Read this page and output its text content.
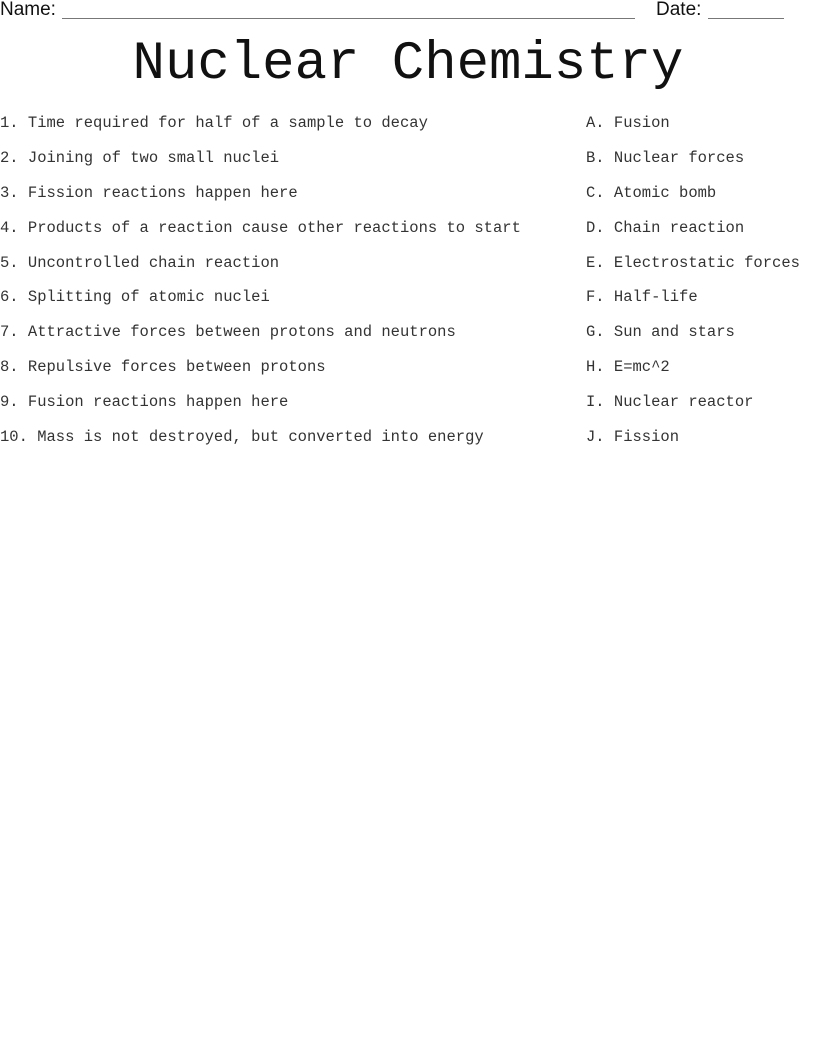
Name:	Date:
Nuclear Chemistry
1. Time required for half of a sample to decay
2. Joining of two small nuclei
3. Fission reactions happen here
4. Products of a reaction cause other reactions to start
5. Uncontrolled chain reaction
6. Splitting of atomic nuclei
7. Attractive forces between protons and neutrons
8. Repulsive forces between protons
9. Fusion reactions happen here
10. Mass is not destroyed, but converted into energy
A. Fusion
B. Nuclear forces
C. Atomic bomb
D. Chain reaction
E. Electrostatic forces
F. Half-life
G. Sun and stars
H. E=mc^2
I. Nuclear reactor
J. Fission
